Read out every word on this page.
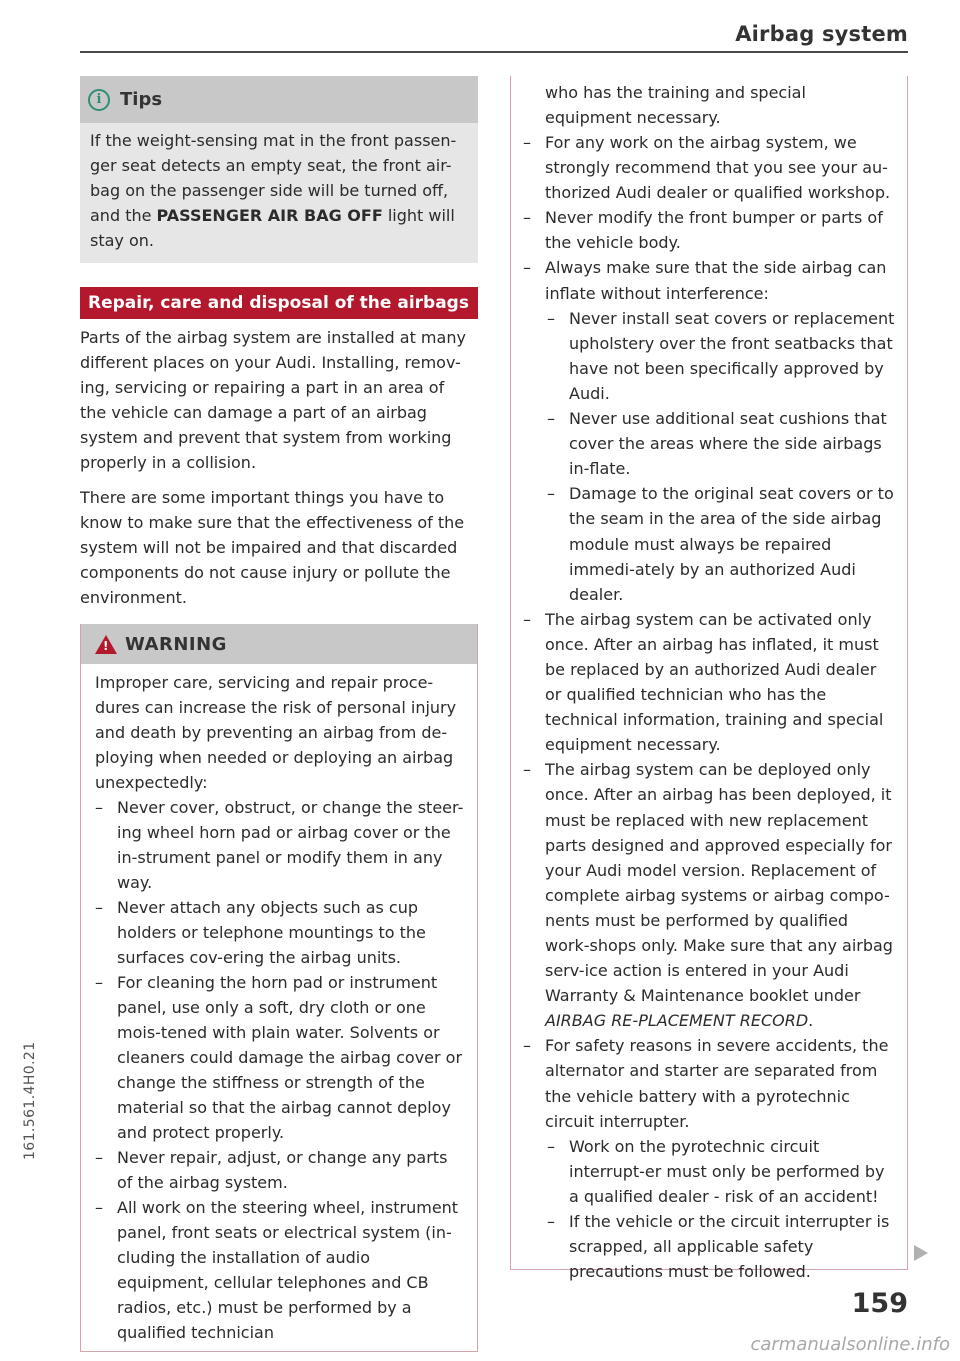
Airbag system
i	Tips

If the weight-sensing mat in the front passen-ger seat detects an empty seat, the front air-bag on the passenger side will be turned off, and the PASSENGER AIR BAG OFF light will stay on.

Repair, care and disposal of the airbags

Parts of the airbag system are installed at many different places on your Audi. Installing, remov-ing, servicing or repairing a part in an area of the vehicle can damage a part of an airbag system and prevent that system from working properly in a collision.

There are some important things you have to know to make sure that the effectiveness of the system will not be impaired and that discarded components do not cause injury or pollute the environment.

!
WARNING

Improper care, servicing and repair proce-dures can increase the risk of personal injury and death by preventing an airbag from de-ploying when needed or deploying an airbag unexpectedly:

– Never cover, obstruct, or change the steer-ing wheel horn pad or airbag cover or the in-strument panel or modify them in any way.
– Never attach any objects such as cup holders or telephone mountings to the surfaces cov-ering the airbag units.
– For cleaning the horn pad or instrument panel, use only a soft, dry cloth or one mois-tened with plain water. Solvents or cleaners could damage the airbag cover or change the stiffness or strength of the material so that the airbag cannot deploy and protect properly.
– Never repair, adjust, or change any parts of the airbag system.
– All work on the steering wheel, instrument panel, front seats or electrical system (in-cluding the installation of audio equipment, cellular telephones and CB radios, etc.) must be performed by a qualified technician

who has the training and special equipment necessary.

– For any work on the airbag system, we strongly recommend that you see your au-thorized Audi dealer or qualified workshop.
– Never modify the front bumper or parts of the vehicle body.
– Always make sure that the side airbag can inflate without interference:
– Never install seat covers or replacement upholstery over the front seatbacks that have not been specifically approved by Audi.
– Never use additional seat cushions that cover the areas where the side airbags in-flate.
– Damage to the original seat covers or to the seam in the area of the side airbag module must always be repaired immedi-ately by an authorized Audi dealer.
– The airbag system can be activated only once. After an airbag has inflated, it must be replaced by an authorized Audi dealer or qualified technician who has the technical information, training and special equipment necessary.
– The airbag system can be deployed only once. After an airbag has been deployed, it must be replaced with new replacement parts designed and approved especially for your Audi model version. Replacement of complete airbag systems or airbag compo-nents must be performed by qualified work-shops only. Make sure that any airbag serv-ice action is entered in your Audi Warranty & Maintenance booklet under AIRBAG RE-PLACEMENT RECORD.
– For safety reasons in severe accidents, the alternator and starter are separated from the vehicle battery with a pyrotechnic circuit interrupter.
– Work on the pyrotechnic circuit interrupt-er must only be performed by a qualified dealer - risk of an accident!
– If the vehicle or the circuit interrupter is scrapped, all applicable safety precautions must be followed.
159
161.561.4H0.21
carmanualsonline.info
